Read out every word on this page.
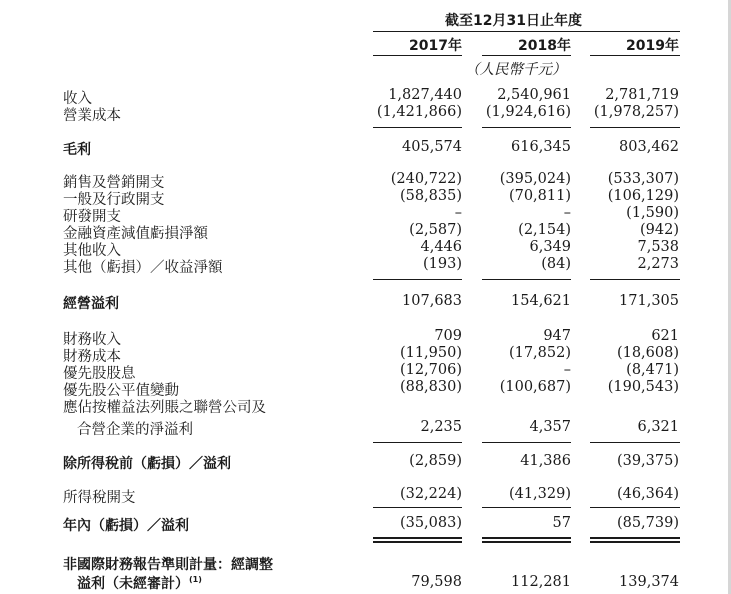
截至12月31日止年度
2017年	2018年	2019年
（人民幣千元）
收入	1,827,440 2,540,961 2,781,719
營業成本	(1,421,866) (1,924,616) (1,978,257)
毛利	405,574	616,345	803,462
銷售及營銷開支	(240,722)	(395,024)	(533,307)
一般及行政開支	(58,835)	(70,811)	(106,129)
研發開支	–	–	(1,590)
金融資產減值虧損淨額	(2,587)	(2,154)	(942)
其他收入	4,446	6,349	7,538
其他（虧損）／收益淨額	(193)	(84)	2,273
經營溢利	107,683	154,621	171,305
財務收入	709	947	621
財務成本	(11,950)	(17,852)	(18,608)
優先股股息	(12,706)	–	(8,471)
優先股公平值變動	(88,830)	(100,687)	(190,543)
應佔按權益法列賬之聯營公司及
合營企業的淨溢利	2,235	4,357	6,321
除所得稅前（虧損）／溢利	(2,859)	41,386	(39,375)
所得稅開支	(32,224)	(41,329)	(46,364)
年內（虧損）／溢利	(35,083)	57	(85,739)
非國際財務報告準則計量：經調整
溢利（未經審計）$^{(1)}$	79,598	112,281	139,374
